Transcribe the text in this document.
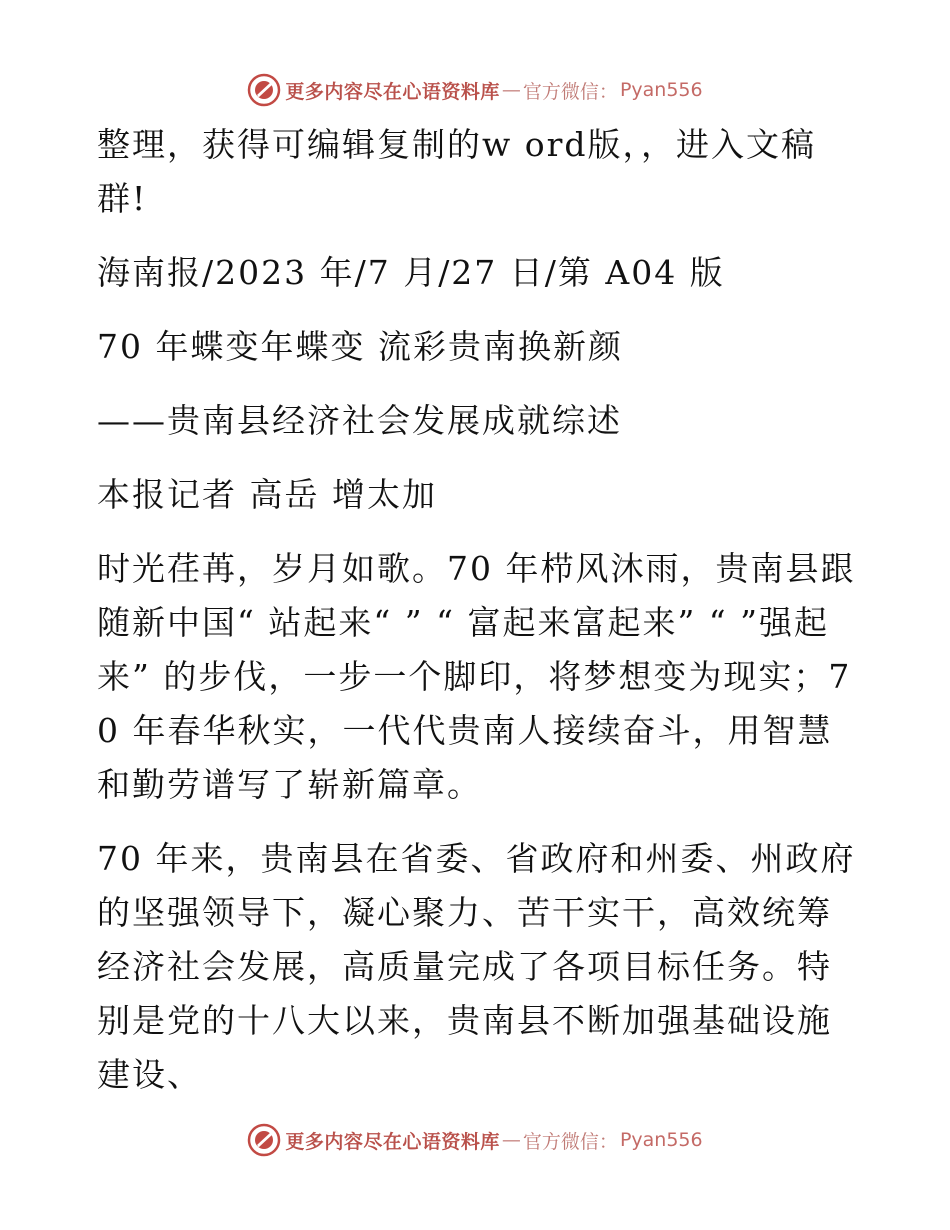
更多内容尽在心语资料库 — 官方微信： Pyan556

整理，获得可编辑复制的w ord版，，进入文稿群!

海南报/2023 年/7 月/27 日/第 A04 版

70 年蝶变年蝶变 流彩贵南换新颜

——贵南县经济社会发展成就综述

本报记者 高岳 增太加

时光荏苒，岁月如歌。70 年栉风沐雨，贵南县跟随新中国“ 站起来“ ” “ 富起来富起来” “ ”强起来” 的步伐，一步一个脚印，将梦想变为现实；70 年春华秋实，一代代贵南人接续奋斗，用智慧和勤劳谱写了崭新篇章。

70 年来，贵南县在省委、省政府和州委、州政府的坚强领导下，凝心聚力、苦干实干，高效统筹经济社会发展，高质量完成了各项目标任务。特别是党的十八大以来，贵南县不断加强基础设施建设、

更多内容尽在心语资料库 — 官方微信： Pyan556
